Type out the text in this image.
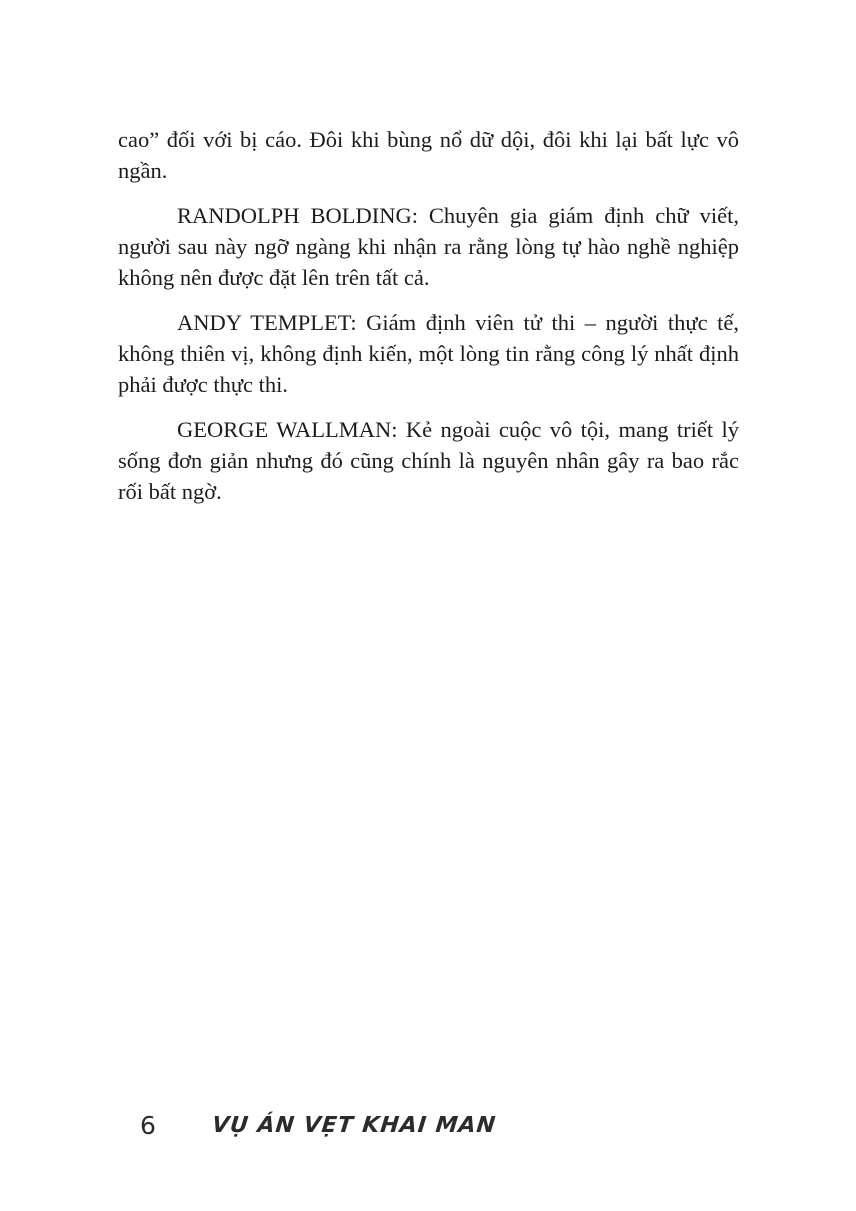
cao” đối với bị cáo. Đôi khi bùng nổ dữ dội, đôi khi lại bất lực vô ngần.

RANDOLPH BOLDING: Chuyên gia giám định chữ viết, người sau này ngỡ ngàng khi nhận ra rằng lòng tự hào nghề nghiệp không nên được đặt lên trên tất cả.

ANDY TEMPLET: Giám định viên tử thi – người thực tế, không thiên vị, không định kiến, một lòng tin rằng công lý nhất định phải được thực thi.

GEORGE WALLMAN: Kẻ ngoài cuộc vô tội, mang triết lý sống đơn giản nhưng đó cũng chính là nguyên nhân gây ra bao rắc rối bất ngờ.

6	VỤ ÁN VẸT KHAI MAN
